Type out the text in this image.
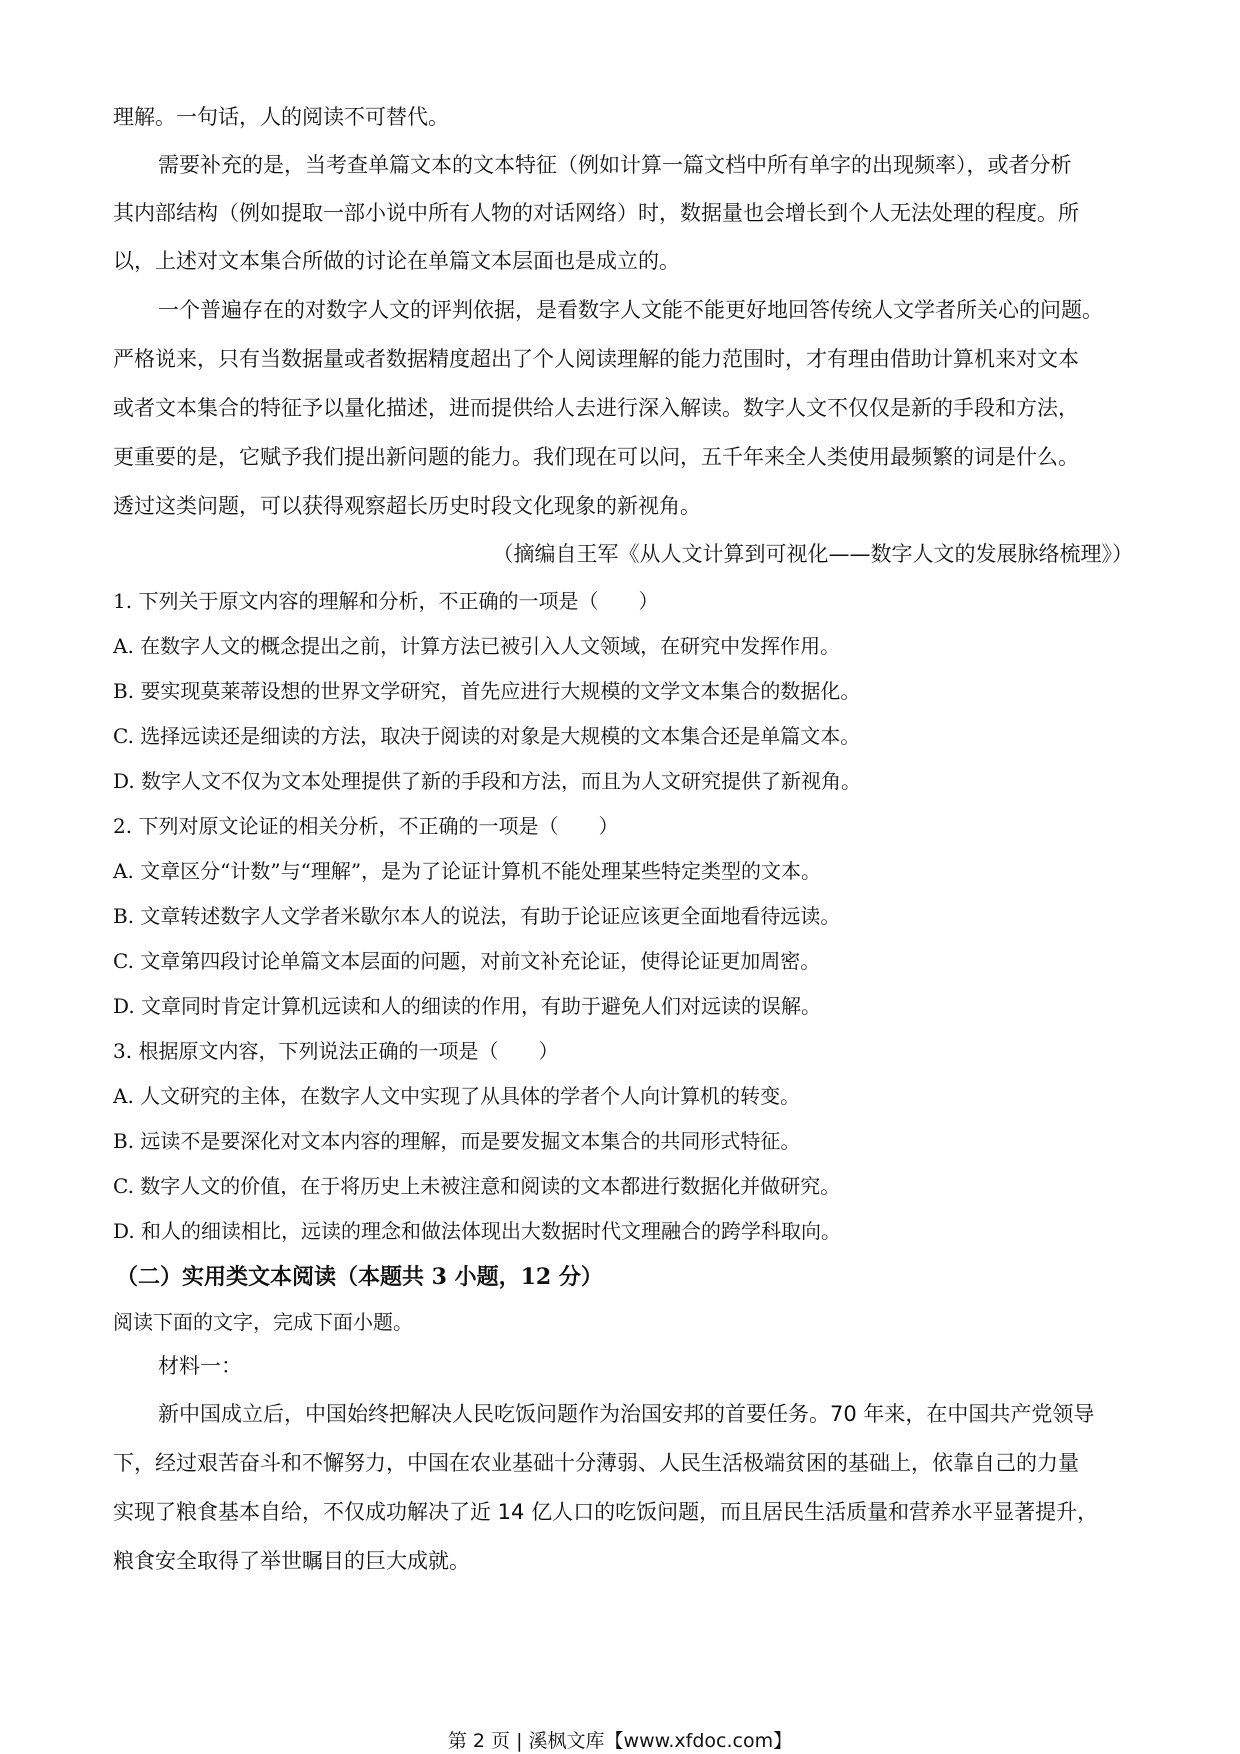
理解。一句话，人的阅读不可替代。
需要补充的是，当考查单篇文本的文本特征（例如计算一篇文档中所有单字的出现频率），或者分析
其内部结构（例如提取一部小说中所有人物的对话网络）时，数据量也会增长到个人无法处理的程度。所
以，上述对文本集合所做的讨论在单篇文本层面也是成立的。
一个普遍存在的对数字人文的评判依据，是看数字人文能不能更好地回答传统人文学者所关心的问题。
严格说来，只有当数据量或者数据精度超出了个人阅读理解的能力范围时，才有理由借助计算机来对文本
或者文本集合的特征予以量化描述，进而提供给人去进行深入解读。数字人文不仅仅是新的手段和方法，
更重要的是，它赋予我们提出新问题的能力。我们现在可以问，五千年来全人类使用最频繁的词是什么。
透过这类问题，可以获得观察超长历史时段文化现象的新视角。
（摘编自王军《从人文计算到可视化——数字人文的发展脉络梳理》）
1. 下列关于原文内容的理解和分析，不正确的一项是（　　）
A. 在数字人文的概念提出之前，计算方法已被引入人文领域，在研究中发挥作用。
B. 要实现莫莱蒂设想的世界文学研究，首先应进行大规模的文学文本集合的数据化。
C. 选择远读还是细读的方法，取决于阅读的对象是大规模的文本集合还是单篇文本。
D. 数字人文不仅为文本处理提供了新的手段和方法，而且为人文研究提供了新视角。
2. 下列对原文论证的相关分析，不正确的一项是（　　）
A. 文章区分“计数”与“理解”，是为了论证计算机不能处理某些特定类型的文本。
B. 文章转述数字人文学者米歇尔本人的说法，有助于论证应该更全面地看待远读。
C. 文章第四段讨论单篇文本层面的问题，对前文补充论证，使得论证更加周密。
D. 文章同时肯定计算机远读和人的细读的作用，有助于避免人们对远读的误解。
3. 根据原文内容，下列说法正确的一项是（　　）
A. 人文研究的主体，在数字人文中实现了从具体的学者个人向计算机的转变。
B. 远读不是要深化对文本内容的理解，而是要发掘文本集合的共同形式特征。
C. 数字人文的价值，在于将历史上未被注意和阅读的文本都进行数据化并做研究。
D. 和人的细读相比，远读的理念和做法体现出大数据时代文理融合的跨学科取向。
（二）实用类文本阅读（本题共 3 小题，12 分）
阅读下面的文字，完成下面小题。
材料一：
新中国成立后，中国始终把解决人民吃饭问题作为治国安邦的首要任务。70 年来，在中国共产党领导
下，经过艰苦奋斗和不懈努力，中国在农业基础十分薄弱、人民生活极端贫困的基础上，依靠自己的力量
实现了粮食基本自给，不仅成功解决了近 14 亿人口的吃饭问题，而且居民生活质量和营养水平显著提升，
粮食安全取得了举世瞩目的巨大成就。
第 2 页 | 溪枫文库【www.xfdoc.com】
